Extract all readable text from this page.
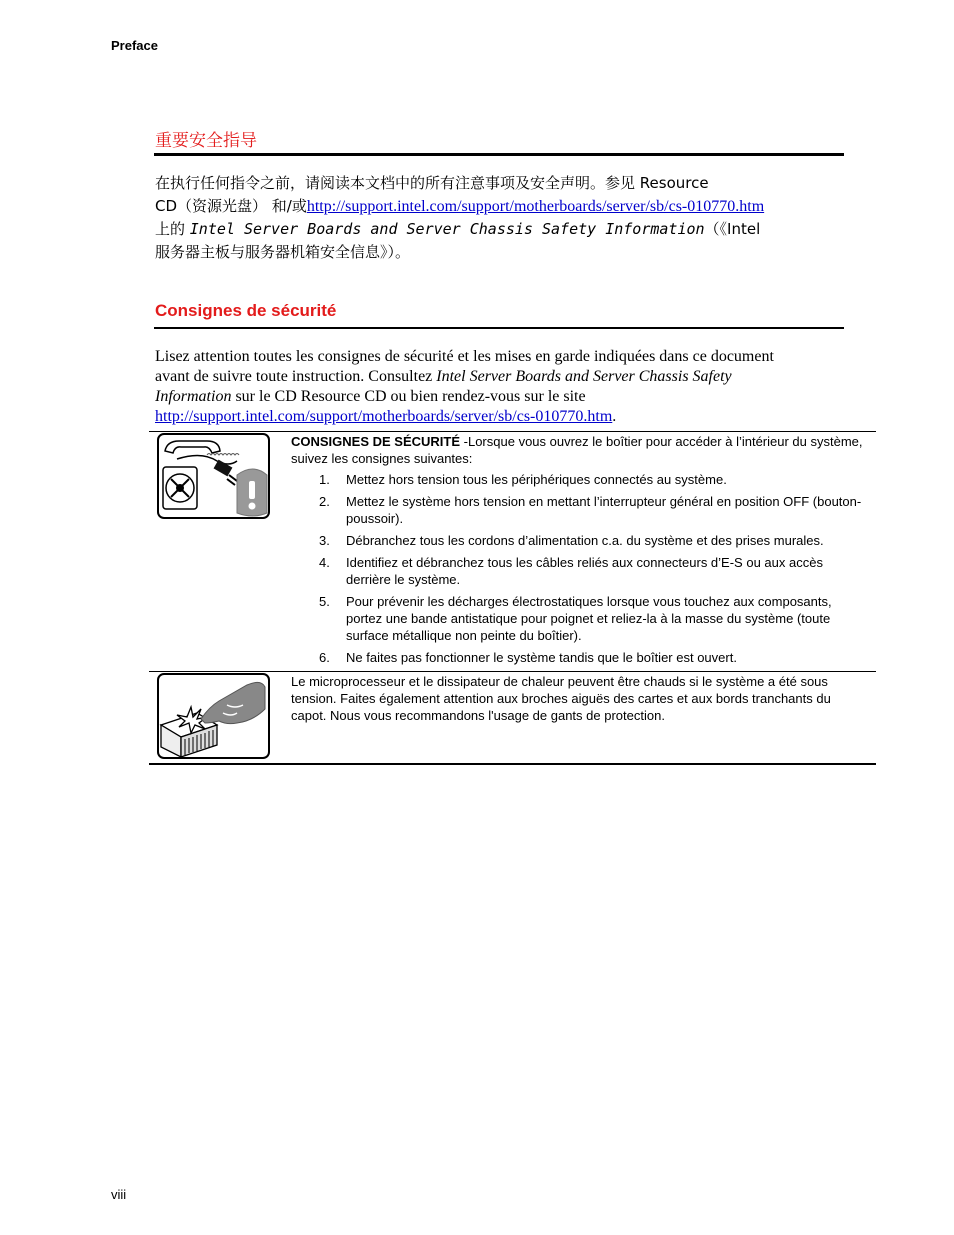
Preface
重要安全指导
在执行任何指令之前，请阅读本文档中的所有注意事项及安全声明。参见 Resource
CD（资源光盘） 和/或http://support.intel.com/support/motherboards/server/sb/cs-010770.htm
上的 Intel Server Boards and Server Chassis Safety Information（《Intel
服务器主板与服务器机箱安全信息》）。
Consignes de sécurité
Lisez attention toutes les consignes de sécurité et les mises en garde indiquées dans ce document
avant de suivre toute instruction. Consultez Intel Server Boards and Server Chassis Safety
Information sur le CD Resource CD ou bien rendez-vous sur le site
http://support.intel.com/support/motherboards/server/sb/cs-010770.htm.
CONSIGNES DE SÉCURITÉ -Lorsque vous ouvrez le boîtier pour accéder à l’intérieur du système, suivez les consignes suivantes:
1. Mettez hors tension tous les périphériques connectés au système.
2. Mettez le système hors tension en mettant l’interrupteur général en position OFF (bouton-poussoir).
3. Débranchez tous les cordons d’alimentation c.a. du système et des prises murales.
4. Identifiez et débranchez tous les câbles reliés aux connecteurs d’E-S ou aux accès derrière le système.
5. Pour prévenir les décharges électrostatiques lorsque vous touchez aux composants, portez une bande antistatique pour poignet et reliez-la à la masse du système (toute surface métallique non peinte du boîtier).
6. Ne faites pas fonctionner le système tandis que le boîtier est ouvert.
Le microprocesseur et le dissipateur de chaleur peuvent être chauds si le système a été sous tension. Faites également attention aux broches aiguës des cartes et aux bords tranchants du capot. Nous vous recommandons l'usage de gants de protection.
viii
